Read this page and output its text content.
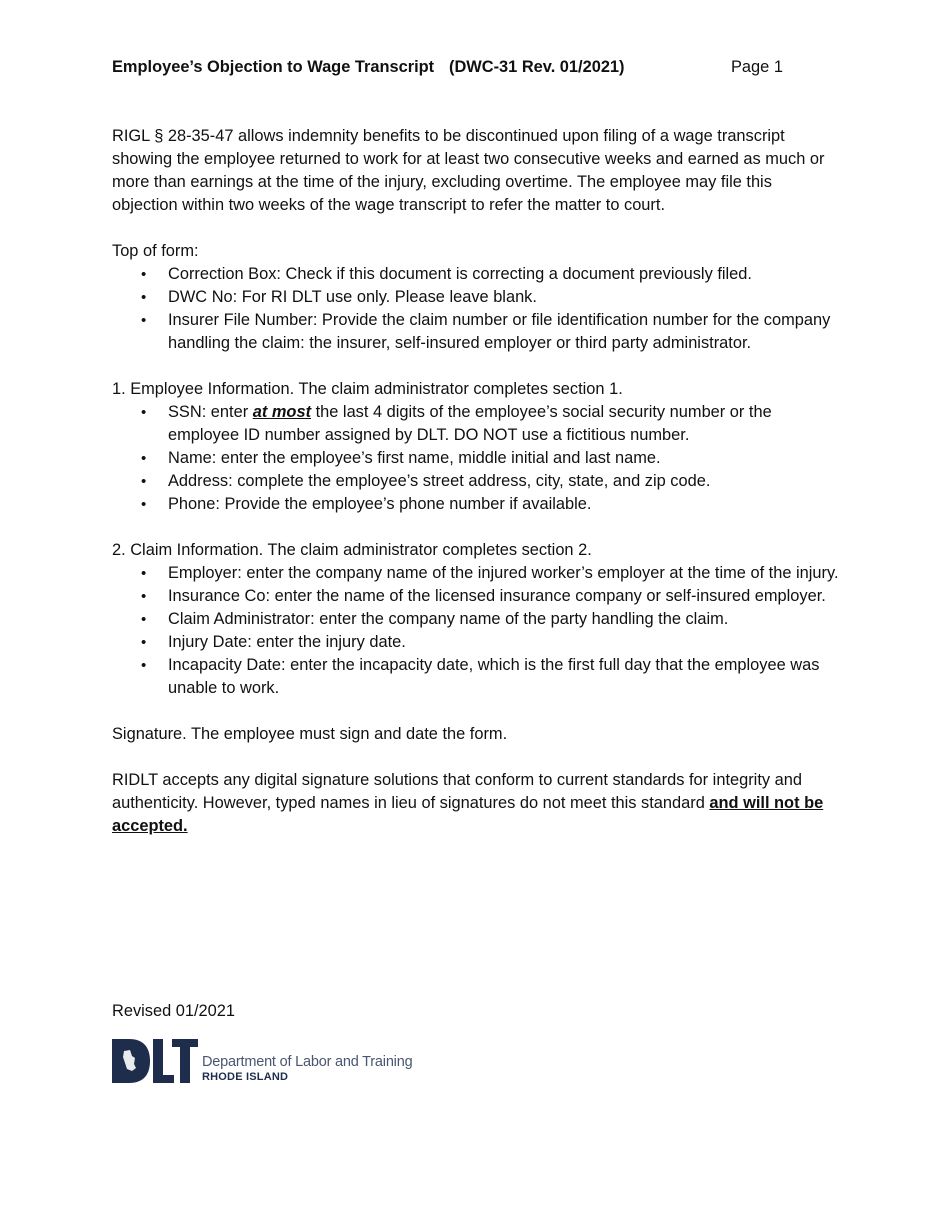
Employee’s Objection to Wage Transcript (DWC-31 Rev. 01/2021)	Page 1

RIGL § 28-35-47 allows indemnity benefits to be discontinued upon filing of a wage transcript showing the employee returned to work for at least two consecutive weeks and earned as much or more than earnings at the time of the injury, excluding overtime. The employee may file this objection within two weeks of the wage transcript to refer the matter to court.

Top of form:

• Correction Box: Check if this document is correcting a document previously filed.
• DWC No: For RI DLT use only. Please leave blank.
• Insurer File Number: Provide the claim number or file identification number for the company handling the claim: the insurer, self-insured employer or third party administrator.

1. Employee Information. The claim administrator completes section 1.

• SSN: enter at most the last 4 digits of the employee’s social security number or the employee ID number assigned by DLT. DO NOT use a fictitious number.
• Name: enter the employee’s first name, middle initial and last name.
• Address: complete the employee’s street address, city, state, and zip code.
• Phone: Provide the employee’s phone number if available.

2. Claim Information. The claim administrator completes section 2.

• Employer: enter the company name of the injured worker’s employer at the time of the injury.
• Insurance Co: enter the name of the licensed insurance company or self-insured employer.
• Claim Administrator: enter the company name of the party handling the claim.
• Injury Date: enter the injury date.
• Incapacity Date: enter the incapacity date, which is the first full day that the employee was unable to work.

Signature. The employee must sign and date the form.

RIDLT accepts any digital signature solutions that conform to current standards for integrity and authenticity. However, typed names in lieu of signatures do not meet this standard and will not be accepted.

Revised 01/2021
Department of Labor and Training
RHODE ISLAND
